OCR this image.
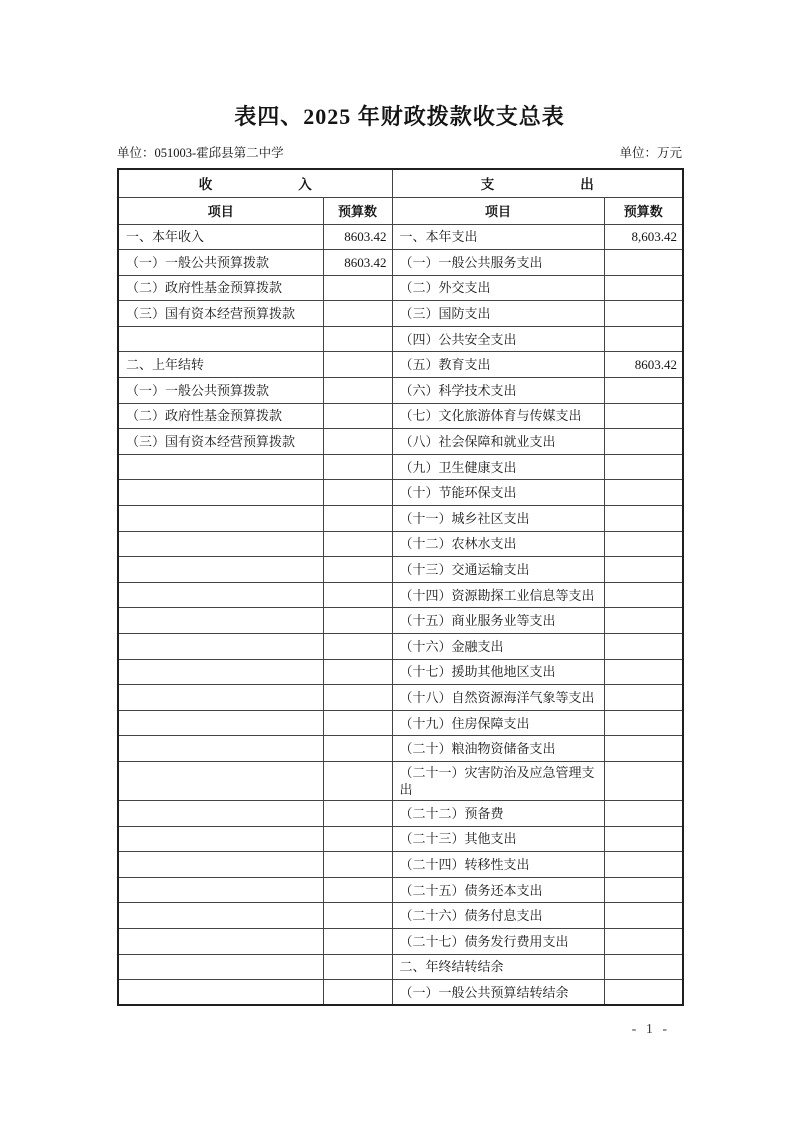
表四、2025 年财政拨款收支总表
单位：051003-霍邱县第二中学	单位：万元
收 入		支 出	

项目	预算数	项目	预算数
一、本年收入	8603.42	一、本年支出	8,603.42
（一）一般公共预算拨款	8603.42	（一）一般公共服务支出	
（二）政府性基金预算拨款		（二）外交支出	
（三）国有资本经营预算拨款		（三）国防支出	
		（四）公共安全支出	
二、上年结转		（五）教育支出	8603.42
（一）一般公共预算拨款		（六）科学技术支出	
（二）政府性基金预算拨款		（七）文化旅游体育与传媒支出	
（三）国有资本经营预算拨款		（八）社会保障和就业支出	
		（九）卫生健康支出	
		（十）节能环保支出	
		（十一）城乡社区支出	
		（十二）农林水支出	
		（十三）交通运输支出	
		（十四）资源勘探工业信息等支出	
		（十五）商业服务业等支出	
		（十六）金融支出	
		（十七）援助其他地区支出	
		（十八）自然资源海洋气象等支出	
		（十九）住房保障支出	
		（二十）粮油物资储备支出	
		（二十一）灾害防治及应急管理支出	
		（二十二）预备费	
		（二十三）其他支出	
		（二十四）转移性支出	
		（二十五）债务还本支出	
		（二十六）债务付息支出	
		（二十七）债务发行费用支出	
		二、年终结转结余	
		（一）一般公共预算结转结余	
- 1 -
